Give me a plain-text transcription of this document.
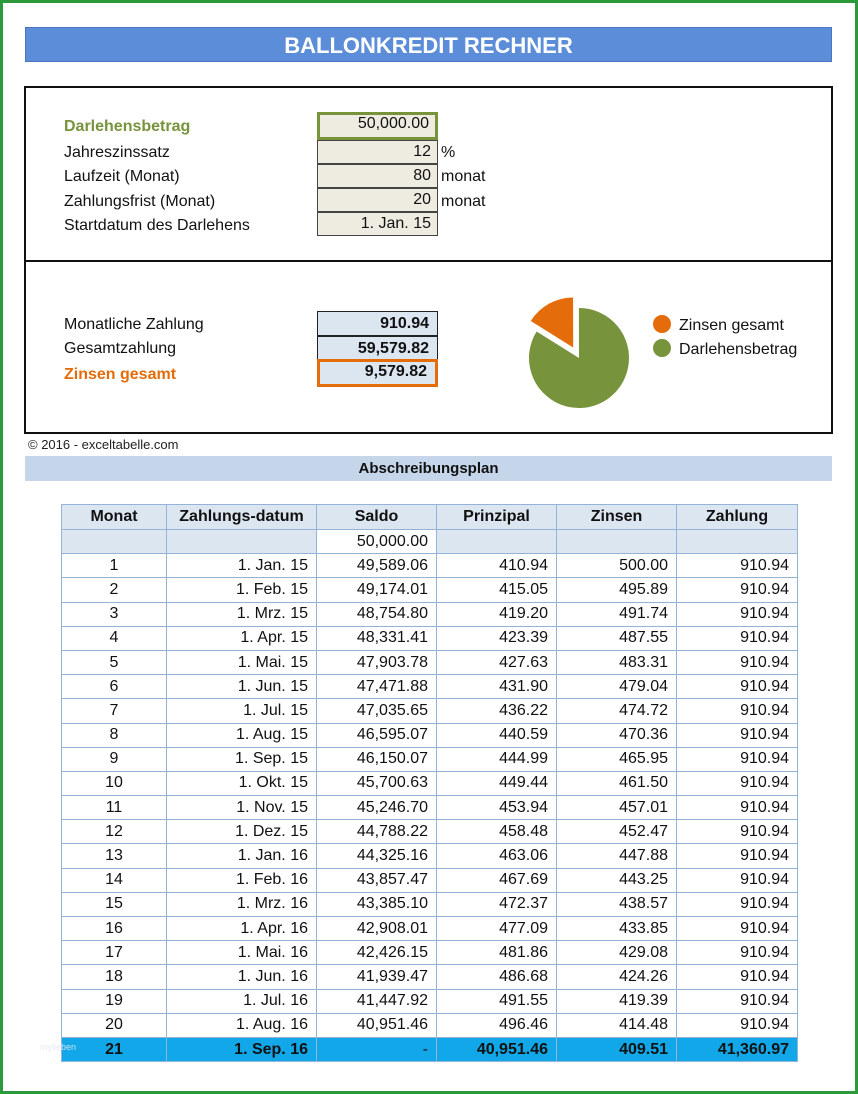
BALLONKREDIT RECHNER
Darlehensbetrag	50,000.00
Jahreszinssatz	12 %
Laufzeit (Monat)	80 monat
Zahlungsfrist (Monat)	20 monat
Startdatum des Darlehens	1. Jan. 15
Monatliche Zahlung	910.94
Gesamtzahlung	59,579.82
Zinsen gesamt	9,579.82
Zinsen gesamt
Darlehensbetrag
© 2016 - exceltabelle.com
Abschreibungsplan
Monat	Zahlungs-datum	Saldo	Prinzipal	Zinsen	Zahlung
		50,000.00			
1	1. Jan. 15	49,589.06	410.94	500.00	910.94
2	1. Feb. 15	49,174.01	415.05	495.89	910.94
3	1. Mrz. 15	48,754.80	419.20	491.74	910.94
4	1. Apr. 15	48,331.41	423.39	487.55	910.94
5	1. Mai. 15	47,903.78	427.63	483.31	910.94
6	1. Jun. 15	47,471.88	431.90	479.04	910.94
7	1. Jul. 15	47,035.65	436.22	474.72	910.94
8	1. Aug. 15	46,595.07	440.59	470.36	910.94
9	1. Sep. 15	46,150.07	444.99	465.95	910.94
10	1. Okt. 15	45,700.63	449.44	461.50	910.94
11	1. Nov. 15	45,246.70	453.94	457.01	910.94
12	1. Dez. 15	44,788.22	458.48	452.47	910.94
13	1. Jan. 16	44,325.16	463.06	447.88	910.94
14	1. Feb. 16	43,857.47	467.69	443.25	910.94
15	1. Mrz. 16	43,385.10	472.37	438.57	910.94
16	1. Apr. 16	42,908.01	477.09	433.85	910.94
17	1. Mai. 16	42,426.15	481.86	429.08	910.94
18	1. Jun. 16	41,939.47	486.68	424.26	910.94
19	1. Jul. 16	41,447.92	491.55	419.39	910.94
20	1. Aug. 16	40,951.46	496.46	414.48	910.94
21	1. Sep. 16	-	40,951.46	409.51	41,360.97
mylieben
